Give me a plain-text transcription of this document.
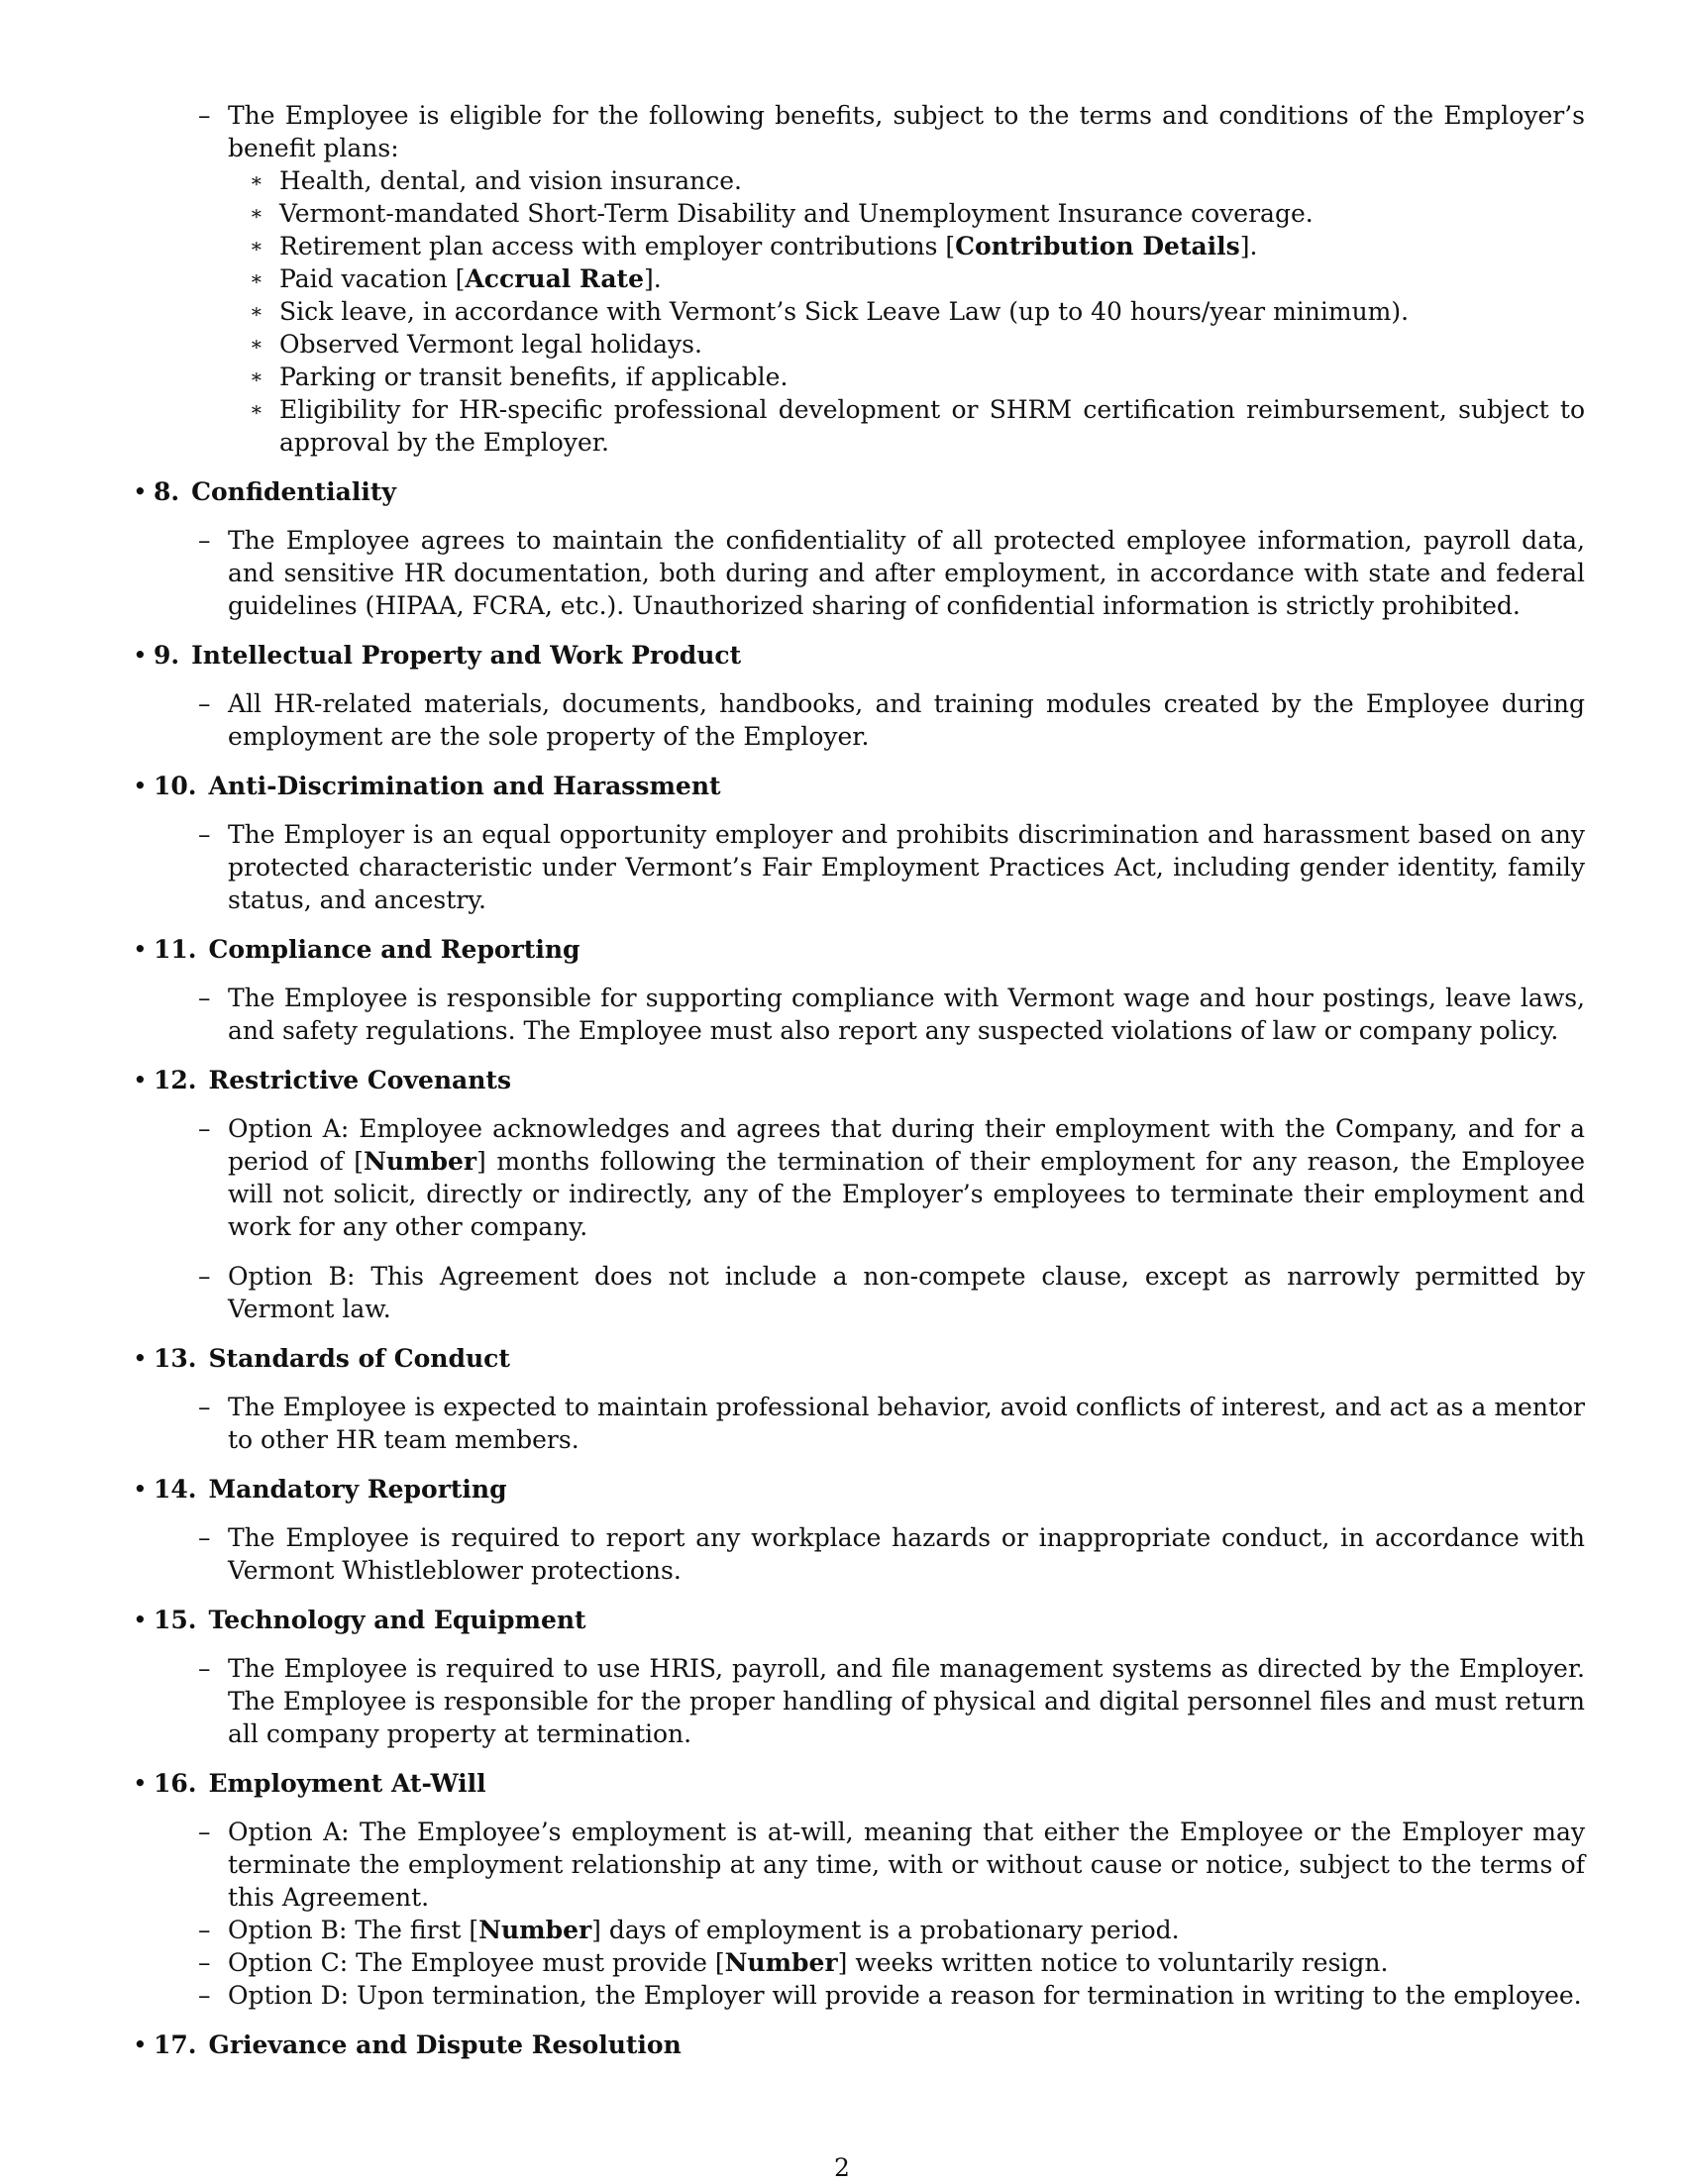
– The Employee is eligible for the following benefits, subject to the terms and conditions of the Employer’s benefit plans:
∗ Health, dental, and vision insurance.
∗ Vermont-mandated Short-Term Disability and Unemployment Insurance coverage.
∗ Retirement plan access with employer contributions [Contribution Details].
∗ Paid vacation [Accrual Rate].
∗ Sick leave, in accordance with Vermont’s Sick Leave Law (up to 40 hours/year minimum).
∗ Observed Vermont legal holidays.
∗ Parking or transit benefits, if applicable.
∗ Eligibility for HR-specific professional development or SHRM certification reimbursement, subject to approval by the Employer.
• 8. Confidentiality
– The Employee agrees to maintain the confidentiality of all protected employee information, payroll data, and sensitive HR documentation, both during and after employment, in accordance with state and federal guidelines (HIPAA, FCRA, etc.). Unauthorized sharing of confidential information is strictly prohibited.
• 9. Intellectual Property and Work Product
– All HR-related materials, documents, handbooks, and training modules created by the Employee during employment are the sole property of the Employer.
• 10. Anti-Discrimination and Harassment
– The Employer is an equal opportunity employer and prohibits discrimination and harassment based on any protected characteristic under Vermont’s Fair Employment Practices Act, including gender identity, family status, and ancestry.
• 11. Compliance and Reporting
– The Employee is responsible for supporting compliance with Vermont wage and hour postings, leave laws, and safety regulations. The Employee must also report any suspected violations of law or company policy.
• 12. Restrictive Covenants
– Option A: Employee acknowledges and agrees that during their employment with the Company, and for a period of [Number] months following the termination of their employment for any reason, the Employee will not solicit, directly or indirectly, any of the Employer’s employees to terminate their employment and work for any other company.
– Option B: This Agreement does not include a non-compete clause, except as narrowly permitted by Vermont law.
• 13. Standards of Conduct
– The Employee is expected to maintain professional behavior, avoid conflicts of interest, and act as a mentor to other HR team members.
• 14. Mandatory Reporting
– The Employee is required to report any workplace hazards or inappropriate conduct, in accordance with Vermont Whistleblower protections.
• 15. Technology and Equipment
– The Employee is required to use HRIS, payroll, and file management systems as directed by the Employer. The Employee is responsible for the proper handling of physical and digital personnel files and must return all company property at termination.
• 16. Employment At-Will
– Option A: The Employee’s employment is at-will, meaning that either the Employee or the Employer may terminate the employment relationship at any time, with or without cause or notice, subject to the terms of this Agreement.
– Option B: The first [Number] days of employment is a probationary period.
– Option C: The Employee must provide [Number] weeks written notice to voluntarily resign.
– Option D: Upon termination, the Employer will provide a reason for termination in writing to the employee.
• 17. Grievance and Dispute Resolution
2
